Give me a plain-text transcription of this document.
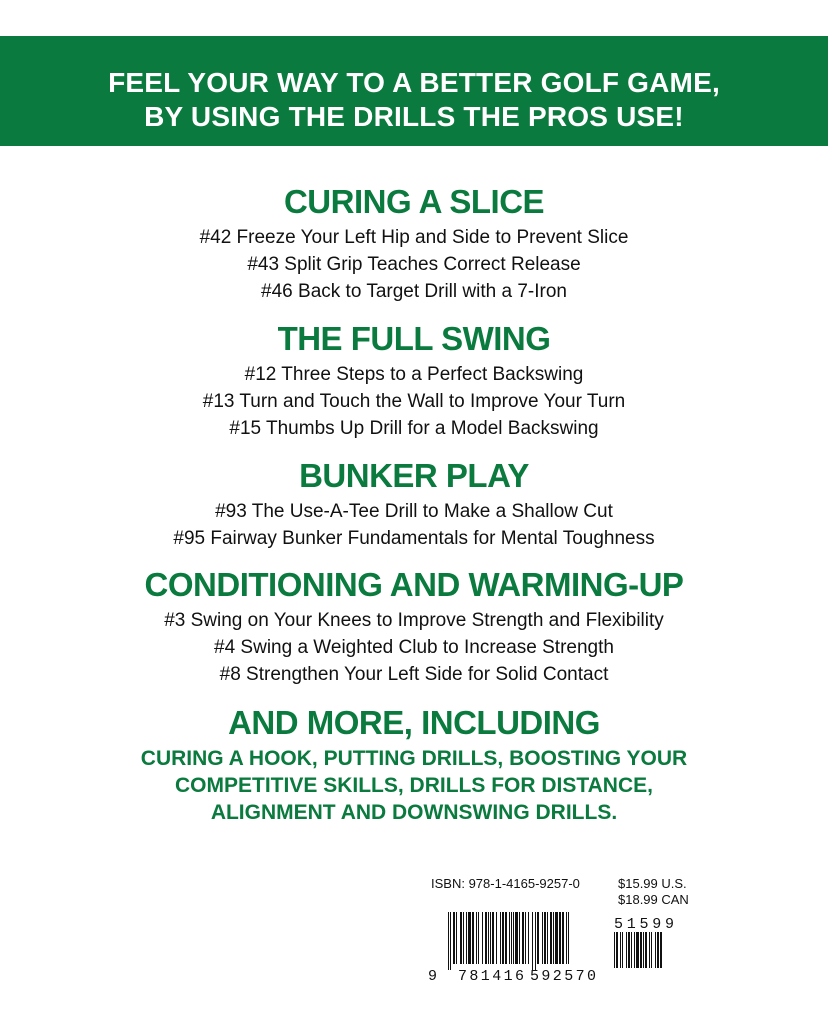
FEEL YOUR WAY TO A BETTER GOLF GAME,
BY USING THE DRILLS THE PROS USE!
CURING A SLICE
#42 Freeze Your Left Hip and Side to Prevent Slice
#43 Split Grip Teaches Correct Release
#46 Back to Target Drill with a 7-Iron
THE FULL SWING
#12 Three Steps to a Perfect Backswing
#13 Turn and Touch the Wall to Improve Your Turn
#15 Thumbs Up Drill for a Model Backswing
BUNKER PLAY
#93 The Use-A-Tee Drill to Make a Shallow Cut
#95 Fairway Bunker Fundamentals for Mental Toughness
CONDITIONING AND WARMING-UP
#3 Swing on Your Knees to Improve Strength and Flexibility
#4 Swing a Weighted Club to Increase Strength
#8 Strengthen Your Left Side for Solid Contact
AND MORE, INCLUDING
CURING A HOOK, PUTTING DRILLS, BOOSTING YOUR
COMPETITIVE SKILLS, DRILLS FOR DISTANCE,
ALIGNMENT AND DOWNSWING DRILLS.
ISBN: 978-1-4165-9257-0	$15.99 U.S.
$18.99 CAN
9 781416 592570
51599
